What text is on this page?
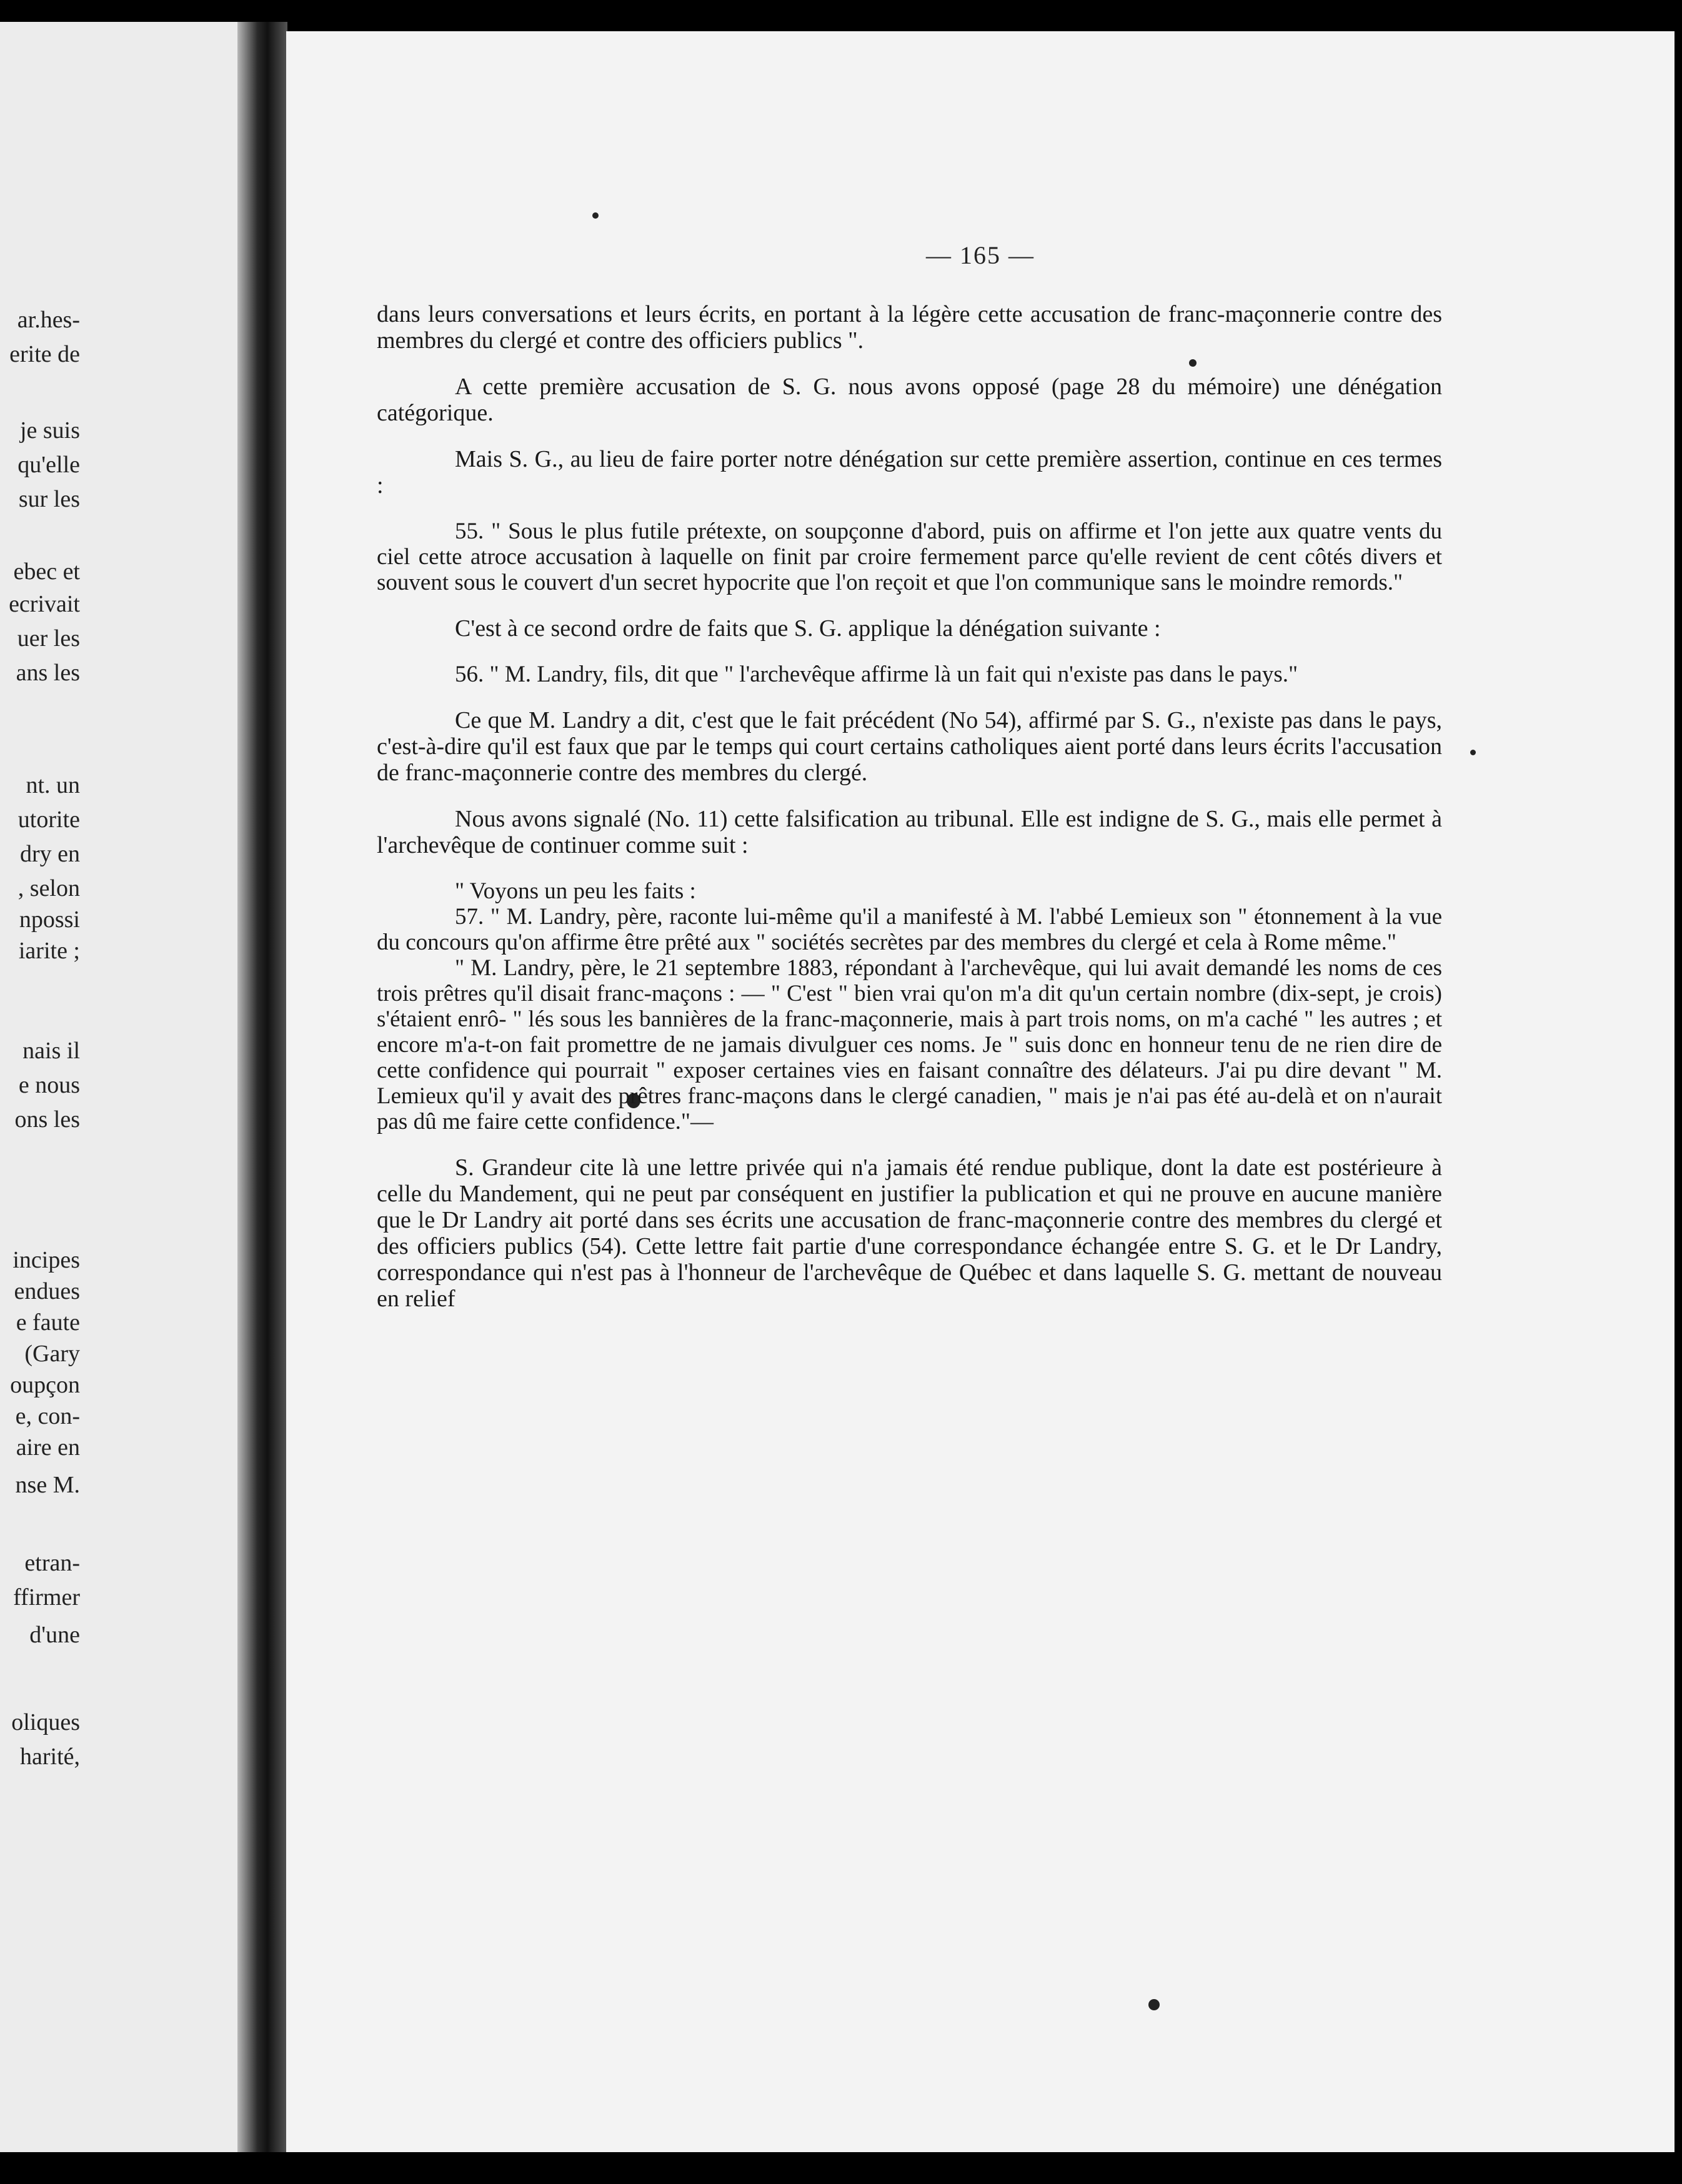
ar.hes-
erite de
je suis
qu'elle
sur les
ebec et
ecrivait
uer les
ans les
nt. un
utorite
dry en
, selon
npossi
iarite ;
nais il
e nous
ons les
incipes
endues
e faute
(Gary
oupçon
e, con-
aire en
nse M.
etran-
ffirmer
d'une
oliques
harité,
— 165 —

dans leurs conversations et leurs écrits, en portant à la légère cette accusation de franc-maçonnerie contre des membres du clergé et contre des officiers publics ".

A cette première accusation de S. G. nous avons opposé (page 28 du mémoire) une dénégation catégorique.

Mais S. G., au lieu de faire porter notre dénégation sur cette première assertion, continue en ces termes :

55. " Sous le plus futile prétexte, on soupçonne d'abord, puis on affirme et l'on jette aux quatre vents du ciel cette atroce accusation à laquelle on finit par croire fermement parce qu'elle revient de cent côtés divers et souvent sous le couvert d'un secret hypocrite que l'on reçoit et que l'on communique sans le moindre remords."

C'est à ce second ordre de faits que S. G. applique la dénégation suivante :

56. " M. Landry, fils, dit que " l'archevêque affirme là un fait qui n'existe pas dans le pays."

Ce que M. Landry a dit, c'est que le fait précédent (No 54), affirmé par S. G., n'existe pas dans le pays, c'est-à-dire qu'il est faux que par le temps qui court certains catholiques aient porté dans leurs écrits l'accusation de franc-maçonnerie contre des membres du clergé.

Nous avons signalé (No. 11) cette falsification au tribunal. Elle est indigne de S. G., mais elle permet à l'archevêque de continuer comme suit :

" Voyons un peu les faits :

57. " M. Landry, père, raconte lui-même qu'il a manifesté à M. l'abbé Lemieux son " étonnement à la vue du concours qu'on affirme être prêté aux " sociétés secrètes par des membres du clergé et cela à Rome même."

" M. Landry, père, le 21 septembre 1883, répondant à l'archevêque, qui lui avait demandé les noms de ces trois prêtres qu'il disait franc-maçons : — " C'est " bien vrai qu'on m'a dit qu'un certain nombre (dix-sept, je crois) s'étaient enrô- " lés sous les bannières de la franc-maçonnerie, mais à part trois noms, on m'a caché " les autres ; et encore m'a-t-on fait promettre de ne jamais divulguer ces noms. Je " suis donc en honneur tenu de ne rien dire de cette confidence qui pourrait " exposer certaines vies en faisant connaître des délateurs. J'ai pu dire devant " M. Lemieux qu'il y avait des prêtres franc-maçons dans le clergé canadien, " mais je n'ai pas été au-delà et on n'aurait pas dû me faire cette confidence."—

S. Grandeur cite là une lettre privée qui n'a jamais été rendue publique, dont la date est postérieure à celle du Mandement, qui ne peut par conséquent en justifier la publication et qui ne prouve en aucune manière que le Dr Landry ait porté dans ses écrits une accusation de franc-maçonnerie contre des membres du clergé et des officiers publics (54). Cette lettre fait partie d'une correspondance échangée entre S. G. et le Dr Landry, correspondance qui n'est pas à l'honneur de l'archevêque de Québec et dans laquelle S. G. mettant de nouveau en relief
